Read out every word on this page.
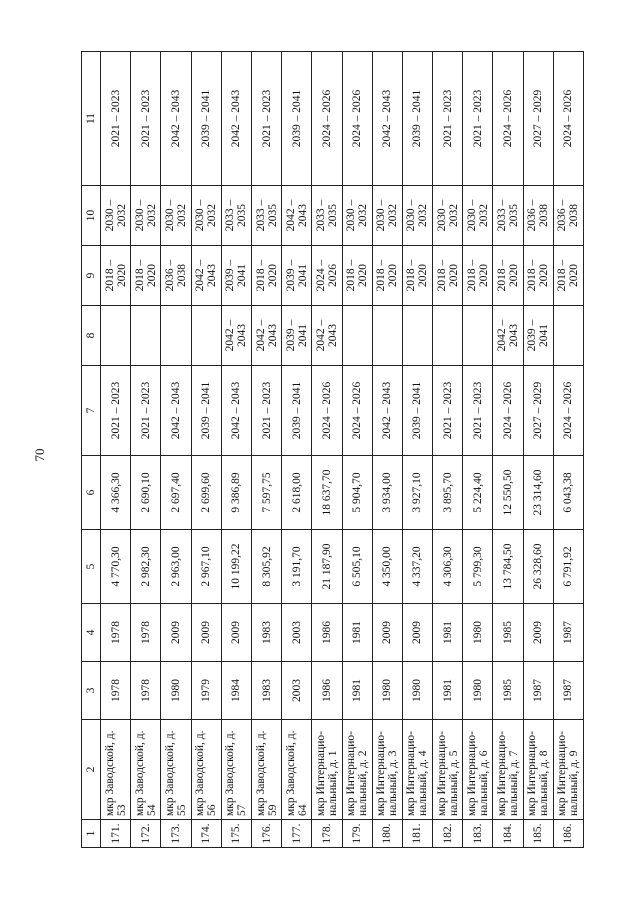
70
1	2	3	4	5	6	7	8	9	10	11
171.	мкр Заводской, д. 53	1978	1978	4 770,30	4 366,30	2021 – 2023		2018 – 2020	2030 – 2032	2021 – 2023
172.	мкр Заводской, д. 54	1978	1978	2 982,30	2 690,10	2021 – 2023		2018 – 2020	2030 – 2032	2021 – 2023
173.	мкр Заводской, д. 55	1980	2009	2 963,00	2 697,40	2042 – 2043		2036 – 2038	2030 – 2032	2042 – 2043
174.	мкр Заводской, д. 56	1979	2009	2 967,10	2 699,60	2039 – 2041		2042 – 2043	2030 – 2032	2039 – 2041
175.	мкр Заводской, д. 57	1984	2009	10 199,22	9 386,89	2042 – 2043	2042 – 2043	2039 – 2041	2033 – 2035	2042 – 2043
176.	мкр Заводской, д. 59	1983	1983	8 305,92	7 597,75	2021 – 2023	2042 – 2043	2018 – 2020	2033 – 2035	2021 – 2023
177.	мкр Заводской, д. 64	2003	2003	3 191,70	2 618,00	2039 – 2041	2039 – 2041	2039 – 2041	2042 – 2043	2039 – 2041
178.	мкр Интернацио-нальный, д. 1	1986	1986	21 187,90	18 637,70	2024 – 2026	2042 – 2043	2024 – 2026	2033 – 2035	2024 – 2026
179.	мкр Интернацио-нальный, д. 2	1981	1981	6 505,10	5 904,70	2024 – 2026		2018 – 2020	2030 – 2032	2024 – 2026
180.	мкр Интернацио-нальный, д. 3	1980	2009	4 350,00	3 934,00	2042 – 2043		2018 – 2020	2030 – 2032	2042 – 2043
181.	мкр Интернацио-нальный, д. 4	1980	2009	4 337,20	3 927,10	2039 – 2041		2018 – 2020	2030 – 2032	2039 – 2041
182.	мкр Интернацио-нальный, д. 5	1981	1981	4 306,30	3 895,70	2021 – 2023		2018 – 2020	2030 – 2032	2021 – 2023
183.	мкр Интернацио-нальный, д. 6	1980	1980	5 799,30	5 224,40	2021 – 2023		2018 – 2020	2030 – 2032	2021 – 2023
184.	мкр Интернацио-нальный, д. 7	1985	1985	13 784,50	12 550,50	2024 – 2026	2042 – 2043	2018 – 2020	2033 – 2035	2024 – 2026
185.	мкр Интернацио-нальный, д. 8	1987	2009	26 328,60	23 314,60	2027 – 2029	2039 – 2041	2018 – 2020	2036 – 2038	2027 – 2029
186.	мкр Интернацио-нальный, д. 9	1987	1987	6 791,92	6 043,38	2024 – 2026		2018 – 2020	2036 – 2038	2024 – 2026
